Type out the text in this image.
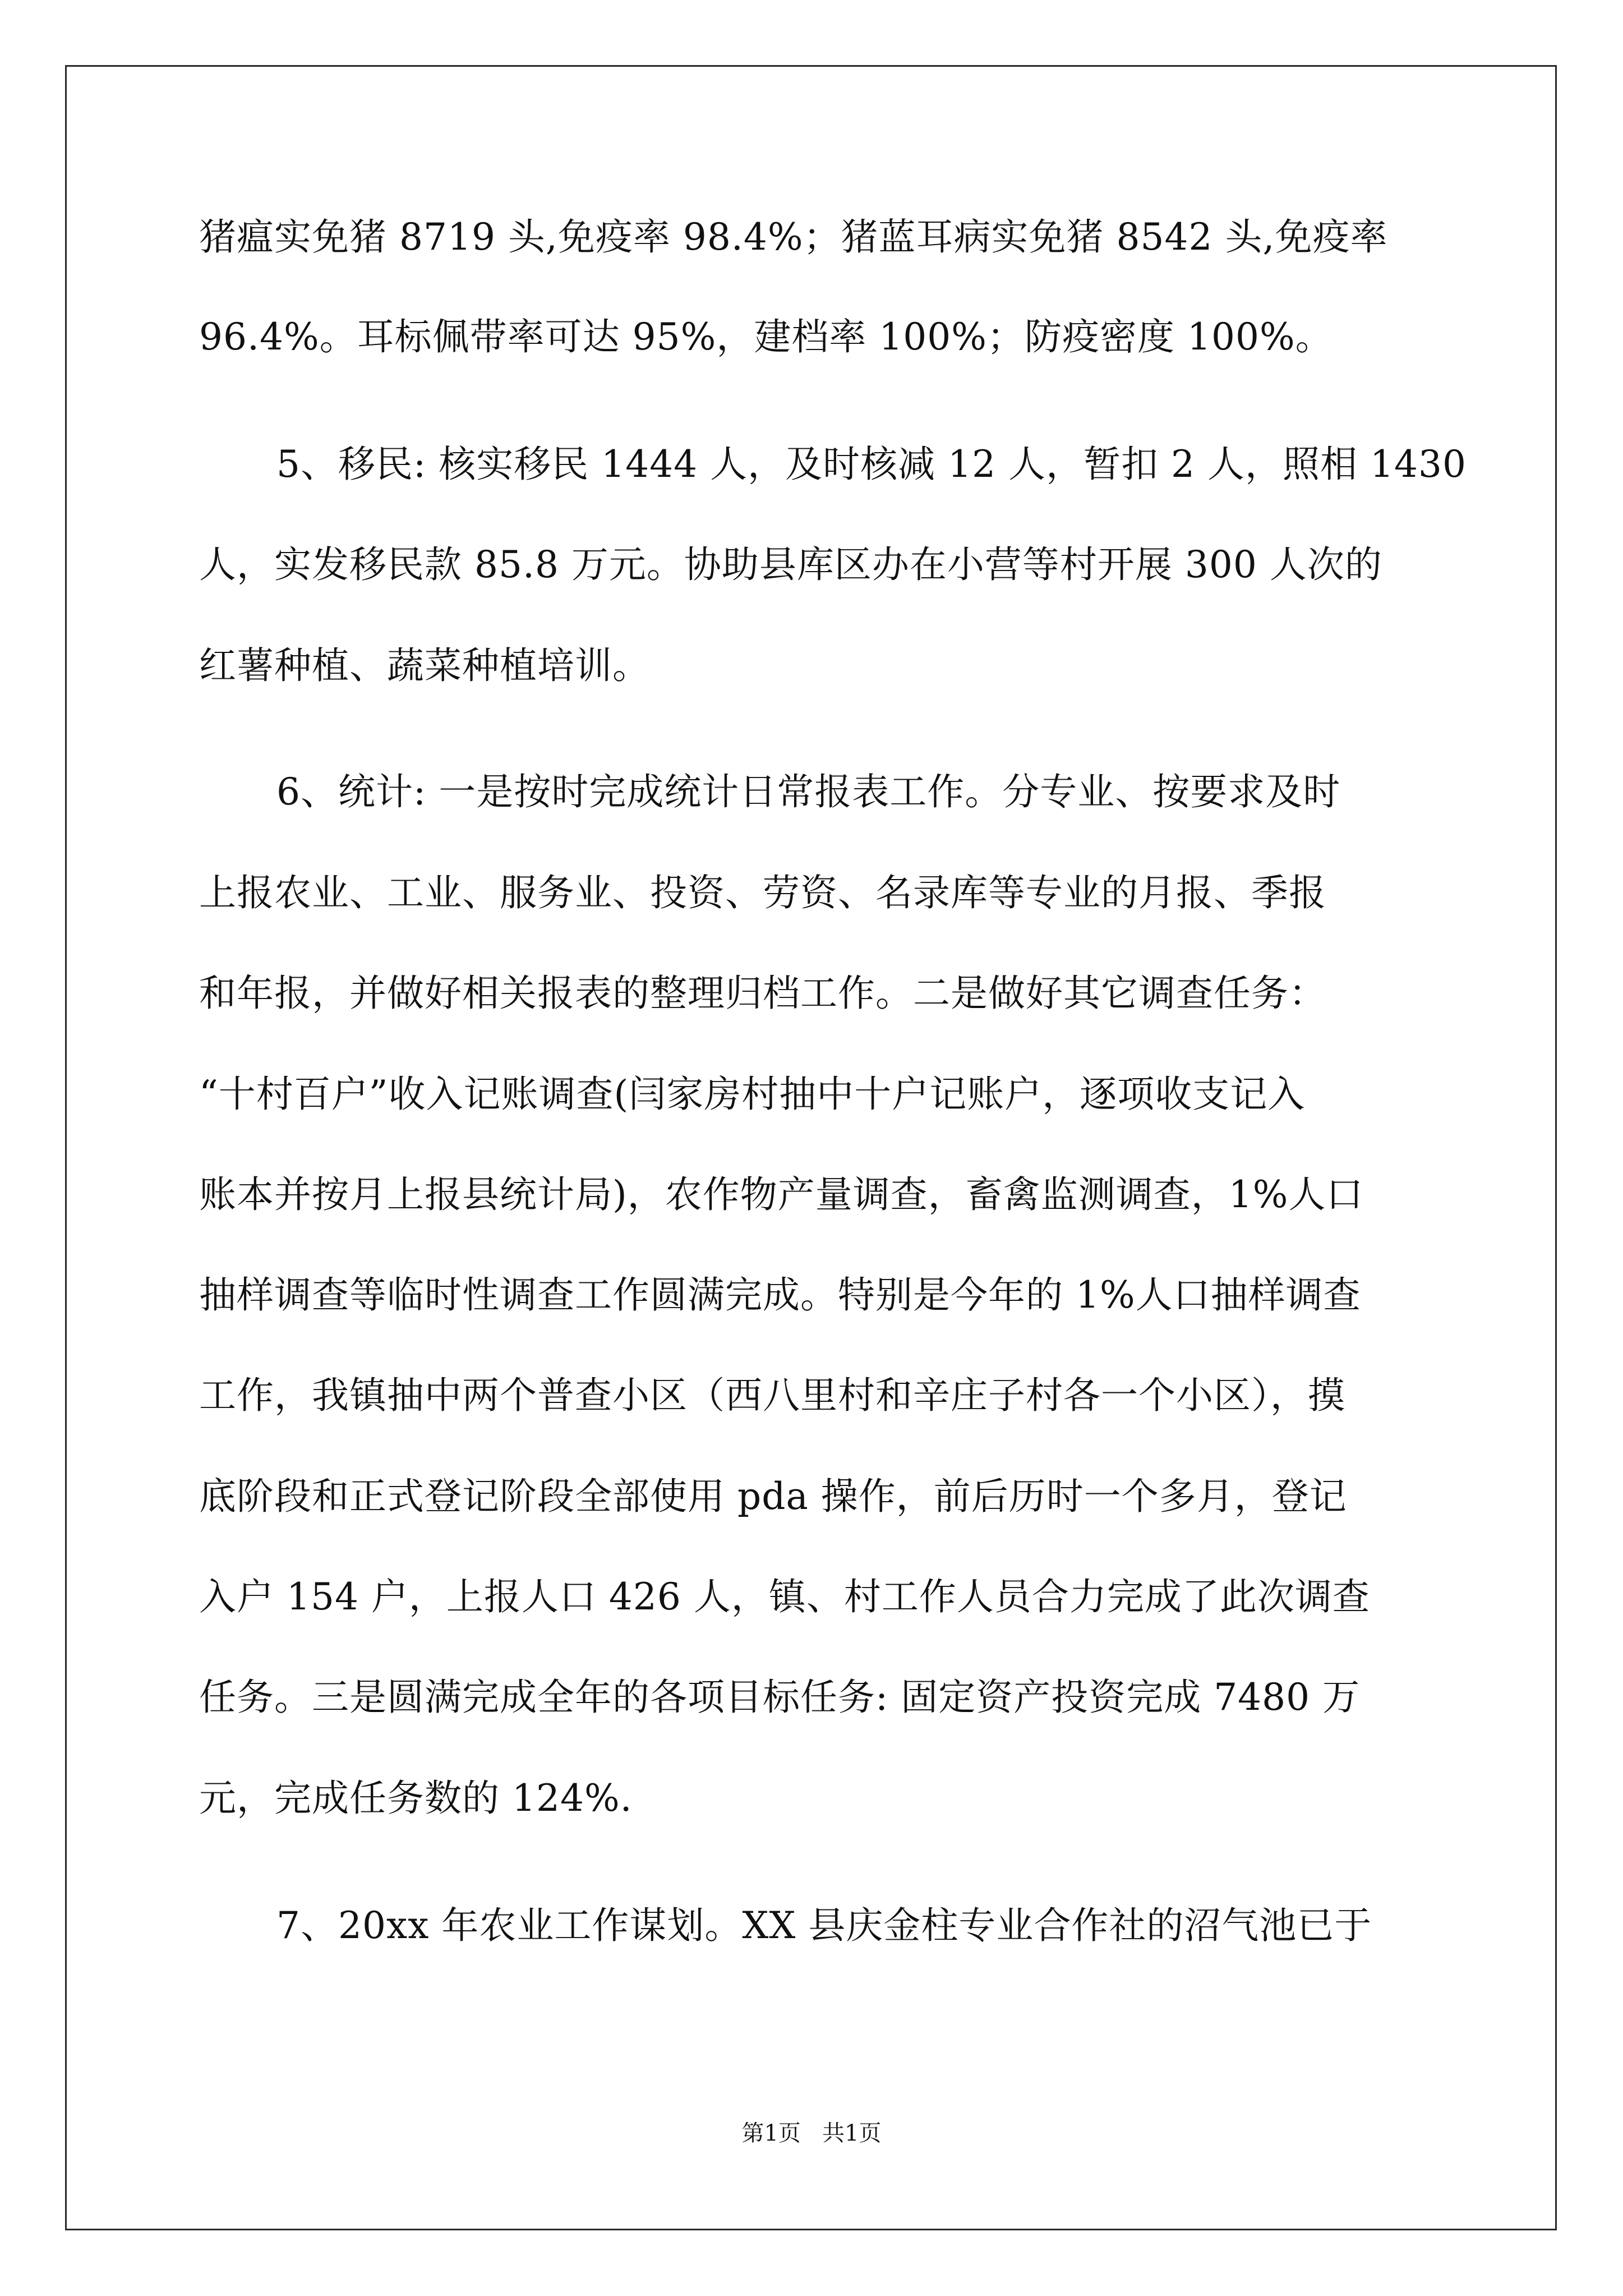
猪瘟实免猪 8719 头,免疫率 98.4%；猪蓝耳病实免猪 8542 头,免疫率
96.4%。耳标佩带率可达 95%，建档率 100%；防疫密度 100%。
5、移民: 核实移民 1444 人，及时核减 12 人，暂扣 2 人，照相 1430
人，实发移民款 85.8 万元。协助县库区办在小营等村开展 300 人次的
红薯种植、蔬菜种植培训。
6、统计: 一是按时完成统计日常报表工作。分专业、按要求及时
上报农业、工业、服务业、投资、劳资、名录库等专业的月报、季报
和年报，并做好相关报表的整理归档工作。二是做好其它调查任务：
“十村百户”收入记账调查(闫家房村抽中十户记账户，逐项收支记入
账本并按月上报县统计局)，农作物产量调查，畜禽监测调查，1%人口
抽样调查等临时性调查工作圆满完成。特别是今年的 1%人口抽样调查
工作，我镇抽中两个普查小区（西八里村和辛庄子村各一个小区），摸
底阶段和正式登记阶段全部使用 pda 操作，前后历时一个多月，登记
入户 154 户，上报人口 426 人，镇、村工作人员合力完成了此次调查
任务。三是圆满完成全年的各项目标任务: 固定资产投资完成 7480 万
元，完成任务数的 124%.
7、20xx 年农业工作谋划。XX 县庆金柱专业合作社的沼气池已于
第1页   共1页
